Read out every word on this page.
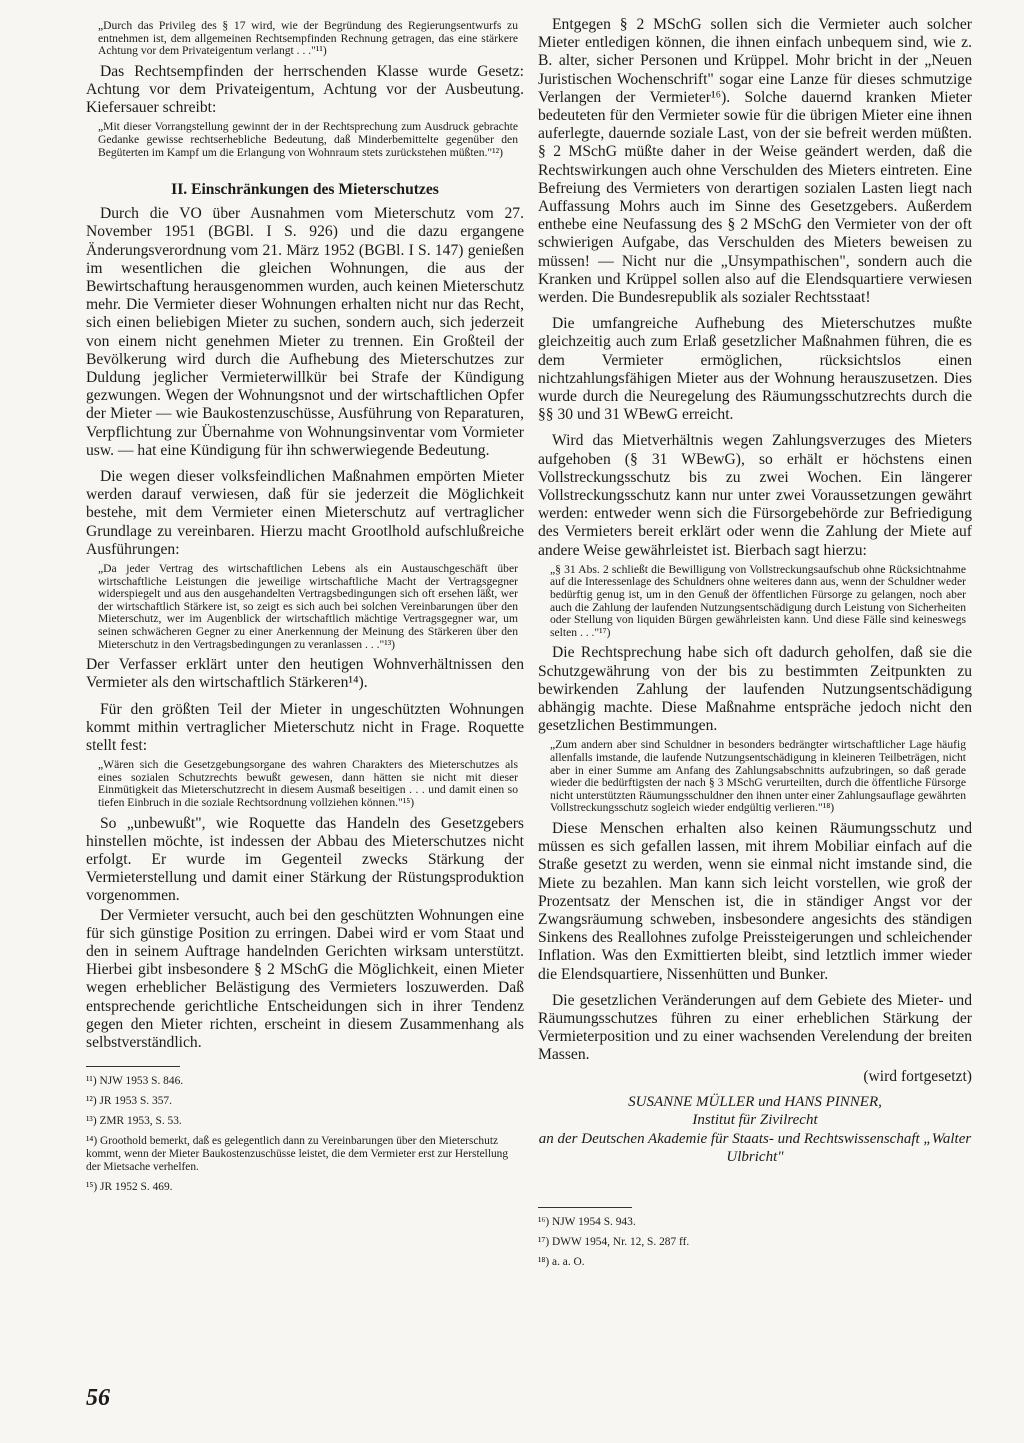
„Durch das Privileg des § 17 wird, wie der Begründung des Regierungsentwurfs zu entnehmen ist, dem allgemeinen Rechtsempfinden Rechnung getragen, das eine stärkere Achtung vor dem Privateigentum verlangt . . ."¹¹)

Das Rechtsempfinden der herrschenden Klasse wurde Gesetz: Achtung vor dem Privateigentum, Achtung vor der Ausbeutung. Kiefersauer schreibt:

„Mit dieser Vorrangstellung gewinnt der in der Rechtsprechung zum Ausdruck gebrachte Gedanke gewisse rechtserhebliche Bedeutung, daß Minderbemittelte gegenüber den Begüterten im Kampf um die Erlangung von Wohnraum stets zurückstehen müßten."¹²)
II. Einschränkungen des Mieterschutzes

Durch die VO über Ausnahmen vom Mieterschutz vom 27. November 1951 (BGBl. I S. 926) und die dazu ergangene Änderungsverordnung vom 21. März 1952 (BGBl. I S. 147) genießen im wesentlichen die gleichen Wohnungen, die aus der Bewirtschaftung herausgenommen wurden, auch keinen Mieterschutz mehr. Die Vermieter dieser Wohnungen erhalten nicht nur das Recht, sich einen beliebigen Mieter zu suchen, sondern auch, sich jederzeit von einem nicht genehmen Mieter zu trennen. Ein Großteil der Bevölkerung wird durch die Aufhebung des Mieterschutzes zur Duldung jeglicher Vermieterwillkür bei Strafe der Kündigung gezwungen. Wegen der Wohnungsnot und der wirtschaftlichen Opfer der Mieter — wie Baukostenzuschüsse, Ausführung von Reparaturen, Verpflichtung zur Übernahme von Wohnungsinventar vom Vormieter usw. — hat eine Kündigung für ihn schwerwiegende Bedeutung.

Die wegen dieser volksfeindlichen Maßnahmen empörten Mieter werden darauf verwiesen, daß für sie jederzeit die Möglichkeit bestehe, mit dem Vermieter einen Mieterschutz auf vertraglicher Grundlage zu vereinbaren. Hierzu macht Grootlhold aufschlußreiche Ausführungen:

„Da jeder Vertrag des wirtschaftlichen Lebens als ein Austauschgeschäft über wirtschaftliche Leistungen die jeweilige wirtschaftliche Macht der Vertragsgegner widerspiegelt und aus den ausgehandelten Vertragsbedingungen sich oft ersehen läßt, wer der wirtschaftlich Stärkere ist, so zeigt es sich auch bei solchen Vereinbarungen über den Mieterschutz, wer im Augenblick der wirtschaftlich mächtige Vertragsgegner war, um seinen schwächeren Gegner zu einer Anerkennung der Meinung des Stärkeren über den Mieterschutz in den Vertragsbedingungen zu veranlassen . . ."¹³)

Der Verfasser erklärt unter den heutigen Wohnverhältnissen den Vermieter als den wirtschaftlich Stärkeren¹⁴).

Für den größten Teil der Mieter in ungeschützten Wohnungen kommt mithin vertraglicher Mieterschutz nicht in Frage. Roquette stellt fest:

„Wären sich die Gesetzgebungsorgane des wahren Charakters des Mieterschutzes als eines sozialen Schutzrechts bewußt gewesen, dann hätten sie nicht mit dieser Einmütigkeit das Mieterschutzrecht in diesem Ausmaß beseitigen . . . und damit einen so tiefen Einbruch in die soziale Rechtsordnung vollziehen können."¹⁵)

So „unbewußt", wie Roquette das Handeln des Gesetzgebers hinstellen möchte, ist indessen der Abbau des Mieterschutzes nicht erfolgt. Er wurde im Gegenteil zwecks Stärkung der Vermieterstellung und damit einer Stärkung der Rüstungsproduktion vorgenommen.

Der Vermieter versucht, auch bei den geschützten Wohnungen eine für sich günstige Position zu erringen. Dabei wird er vom Staat und den in seinem Auftrage handelnden Gerichten wirksam unterstützt. Hierbei gibt insbesondere § 2 MSchG die Möglichkeit, einen Mieter wegen erheblicher Belästigung des Vermieters loszuwerden. Daß entsprechende gerichtliche Entscheidungen sich in ihrer Tendenz gegen den Mieter richten, erscheint in diesem Zusammenhang als selbstverständlich.

¹¹) NJW 1953 S. 846.
¹²) JR 1953 S. 357.
¹³) ZMR 1953, S. 53.
¹⁴) Groothold bemerkt, daß es gelegentlich dann zu Vereinbarungen über den Mieterschutz kommt, wenn der Mieter Baukostenzuschüsse leistet, die dem Vermieter erst zur Herstellung der Mietsache verhelfen.
¹⁵) JR 1952 S. 469.

Entgegen § 2 MSchG sollen sich die Vermieter auch solcher Mieter entledigen können, die ihnen einfach unbequem sind, wie z. B. alter, sicher Personen und Krüppel. Mohr bricht in der „Neuen Juristischen Wochenschrift" sogar eine Lanze für dieses schmutzige Verlangen der Vermieter¹⁶). Solche dauernd kranken Mieter bedeuteten für den Vermieter sowie für die übrigen Mieter eine ihnen auferlegte, dauernde soziale Last, von der sie befreit werden müßten. § 2 MSchG müßte daher in der Weise geändert werden, daß die Rechtswirkungen auch ohne Verschulden des Mieters eintreten. Eine Befreiung des Vermieters von derartigen sozialen Lasten liegt nach Auffassung Mohrs auch im Sinne des Gesetzgebers. Außerdem enthebe eine Neufassung des § 2 MSchG den Vermieter von der oft schwierigen Aufgabe, das Verschulden des Mieters beweisen zu müssen! — Nicht nur die „Unsympathischen", sondern auch die Kranken und Krüppel sollen also auf die Elendsquartiere verwiesen werden. Die Bundesrepublik als sozialer Rechtsstaat!

Die umfangreiche Aufhebung des Mieterschutzes mußte gleichzeitig auch zum Erlaß gesetzlicher Maßnahmen führen, die es dem Vermieter ermöglichen, rücksichtslos einen nichtzahlungsfähigen Mieter aus der Wohnung herauszusetzen. Dies wurde durch die Neuregelung des Räumungsschutzrechts durch die §§ 30 und 31 WBewG erreicht.

Wird das Mietverhältnis wegen Zahlungsverzuges des Mieters aufgehoben (§ 31 WBewG), so erhält er höchstens einen Vollstreckungsschutz bis zu zwei Wochen. Ein längerer Vollstreckungsschutz kann nur unter zwei Voraussetzungen gewährt werden: entweder wenn sich die Fürsorgebehörde zur Befriedigung des Vermieters bereit erklärt oder wenn die Zahlung der Miete auf andere Weise gewährleistet ist. Bierbach sagt hierzu:

„§ 31 Abs. 2 schließt die Bewilligung von Vollstreckungsaufschub ohne Rücksichtnahme auf die Interessenlage des Schuldners ohne weiteres dann aus, wenn der Schuldner weder bedürftig genug ist, um in den Genuß der öffentlichen Fürsorge zu gelangen, noch aber auch die Zahlung der laufenden Nutzungsentschädigung durch Leistung von Sicherheiten oder Stellung von liquiden Bürgen gewährleisten kann. Und diese Fälle sind keineswegs selten . . ."¹⁷)

Die Rechtsprechung habe sich oft dadurch geholfen, daß sie die Schutzgewährung von der bis zu bestimmten Zeitpunkten zu bewirkenden Zahlung der laufenden Nutzungsentschädigung abhängig machte. Diese Maßnahme entspräche jedoch nicht den gesetzlichen Bestimmungen.

„Zum andern aber sind Schuldner in besonders bedrängter wirtschaftlicher Lage häufig allenfalls imstande, die laufende Nutzungsentschädigung in kleineren Teilbeträgen, nicht aber in einer Summe am Anfang des Zahlungsabschnitts aufzubringen, so daß gerade wieder die bedürftigsten der nach § 3 MSchG verurteilten, durch die öffentliche Fürsorge nicht unterstützten Räumungsschuldner den ihnen unter einer Zahlungsauflage gewährten Vollstreckungsschutz sogleich wieder endgültig verlieren."¹⁸)

Diese Menschen erhalten also keinen Räumungsschutz und müssen es sich gefallen lassen, mit ihrem Mobiliar einfach auf die Straße gesetzt zu werden, wenn sie einmal nicht imstande sind, die Miete zu bezahlen. Man kann sich leicht vorstellen, wie groß der Prozentsatz der Menschen ist, die in ständiger Angst vor der Zwangsräumung schweben, insbesondere angesichts des ständigen Sinkens des Reallohnes zufolge Preissteigerungen und schleichender Inflation. Was den Exmittierten bleibt, sind letztlich immer wieder die Elendsquartiere, Nissenhütten und Bunker.

Die gesetzlichen Veränderungen auf dem Gebiete des Mieter- und Räumungsschutzes führen zu einer erheblichen Stärkung der Vermieterposition und zu einer wachsenden Verelendung der breiten Massen.

(wird fortgesetzt)
SUSANNE MÜLLER und HANS PINNER,
Institut für Zivilrecht
an der Deutschen Akademie für Staats- und Rechtswissenschaft „Walter Ulbricht"
¹⁶) NJW 1954 S. 943.
¹⁷) DWW 1954, Nr. 12, S. 287 ff.
¹⁸) a. a. O.
56
